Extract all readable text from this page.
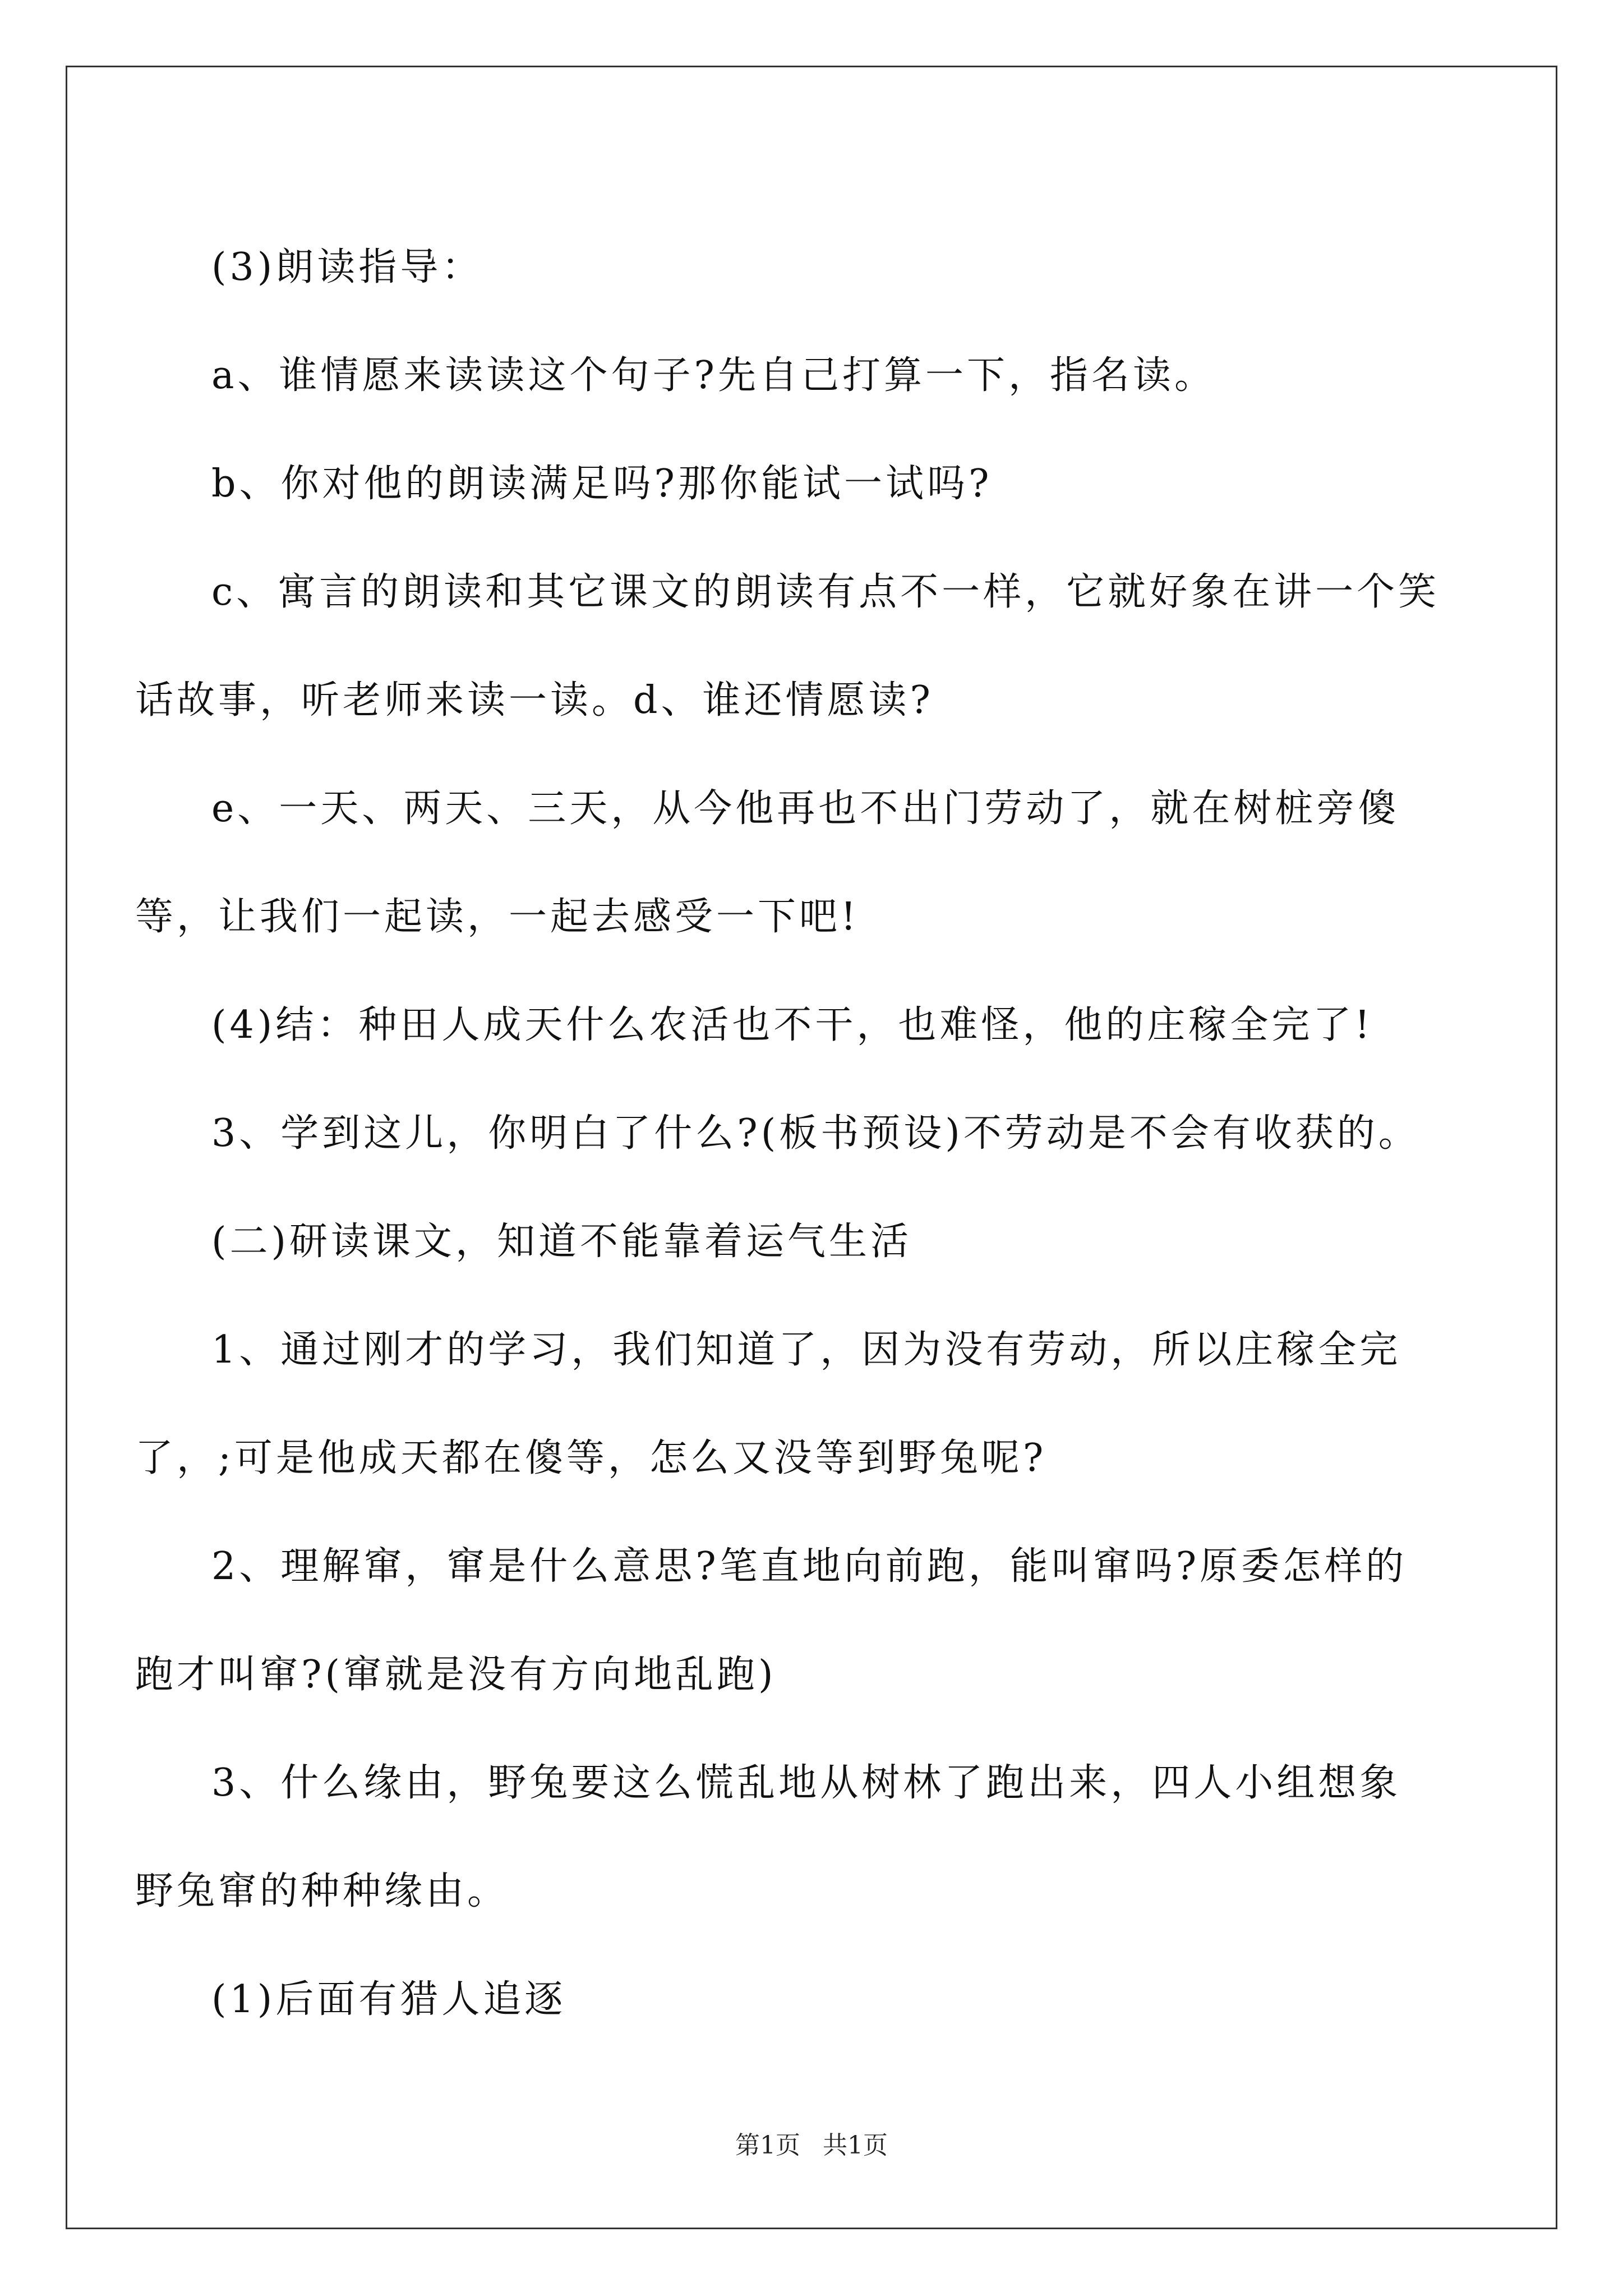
(3)朗读指导：

a、谁情愿来读读这个句子?先自己打算一下，指名读。

b、你对他的朗读满足吗?那你能试一试吗?

c、寓言的朗读和其它课文的朗读有点不一样，它就好象在讲一个笑话故事，听老师来读一读。d、谁还情愿读?

e、一天、两天、三天，从今他再也不出门劳动了，就在树桩旁傻等，让我们一起读，一起去感受一下吧!

(4)结：种田人成天什么农活也不干，也难怪，他的庄稼全完了!

3、学到这儿，你明白了什么?(板书预设)不劳动是不会有收获的。

(二)研读课文，知道不能靠着运气生活

1、通过刚才的学习，我们知道了，因为没有劳动，所以庄稼全完了，;可是他成天都在傻等，怎么又没等到野兔呢?

2、理解窜，窜是什么意思?笔直地向前跑，能叫窜吗?原委怎样的跑才叫窜?(窜就是没有方向地乱跑)

3、什么缘由，野兔要这么慌乱地从树林了跑出来，四人小组想象野兔窜的种种缘由。

(1)后面有猎人追逐

第1页 共1页
